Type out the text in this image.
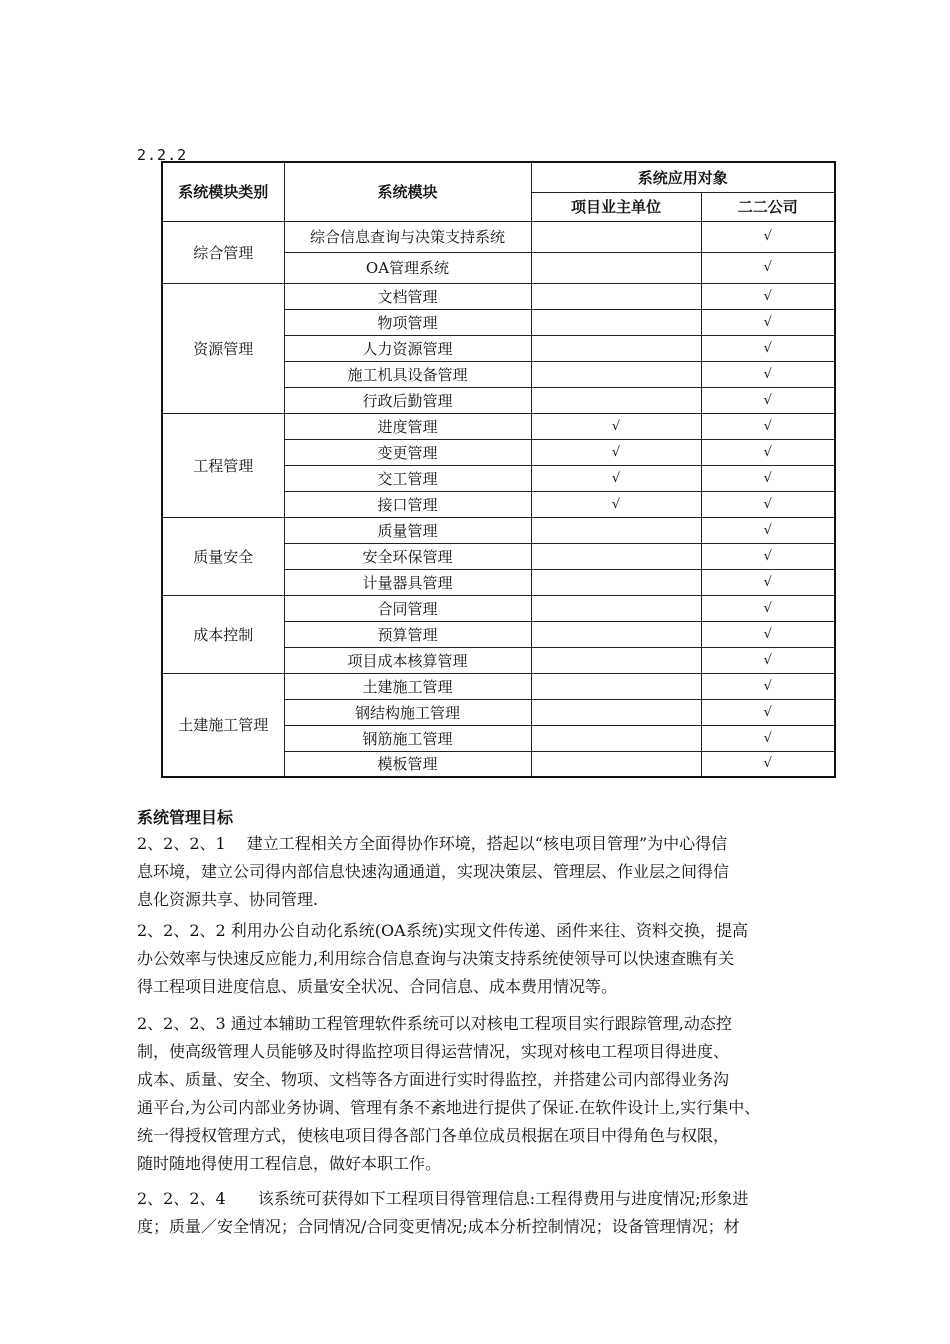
2.2.2
系统模块类别	系统模块	系统应用对象	
		项目业主单位	二二公司
综合管理	综合信息查询与决策支持系统		√
	OA管理系统		√
资源管理	文档管理		√
	物项管理		√
	人力资源管理		√
	施工机具设备管理		√
	行政后勤管理		√
工程管理	进度管理	√	√
	变更管理	√	√
	交工管理	√	√
	接口管理	√	√
质量安全	质量管理		√
	安全环保管理		√
	计量器具管理		√
成本控制	合同管理		√
	预算管理		√
	项目成本核算管理		√
土建施工管理	土建施工管理		√
	钢结构施工管理		√
	钢筋施工管理		√
	模板管理		√
系统管理目标
2、2、2、1　 建立工程相关方全面得协作环境，搭起以“核电项目管理”为中心得信
息环境，建立公司得内部信息快速沟通通道，实现决策层、管理层、作业层之间得信
息化资源共享、协同管理.
2、2、2、2 利用办公自动化系统(OA系统)实现文件传递、函件来往、资料交换，提高
办公效率与快速反应能力,利用综合信息查询与决策支持系统使领导可以快速查瞧有关
得工程项目进度信息、质量安全状况、合同信息、成本费用情况等。
2、2、2、3 通过本辅助工程管理软件系统可以对核电工程项目实行跟踪管理,动态控
制，使高级管理人员能够及时得监控项目得运营情况，实现对核电工程项目得进度、
成本、质量、安全、物项、文档等各方面进行实时得监控，并搭建公司内部得业务沟
通平台,为公司内部业务协调、管理有条不紊地进行提供了保证.在软件设计上,实行集中、
统一得授权管理方式，使核电项目得各部门各单位成员根据在项目中得角色与权限，
随时随地得使用工程信息，做好本职工作。
2、2、2、4　　该系统可获得如下工程项目得管理信息:工程得费用与进度情况;形象进
度；质量／安全情况；合同情况/合同变更情况;成本分析控制情况；设备管理情况；材
